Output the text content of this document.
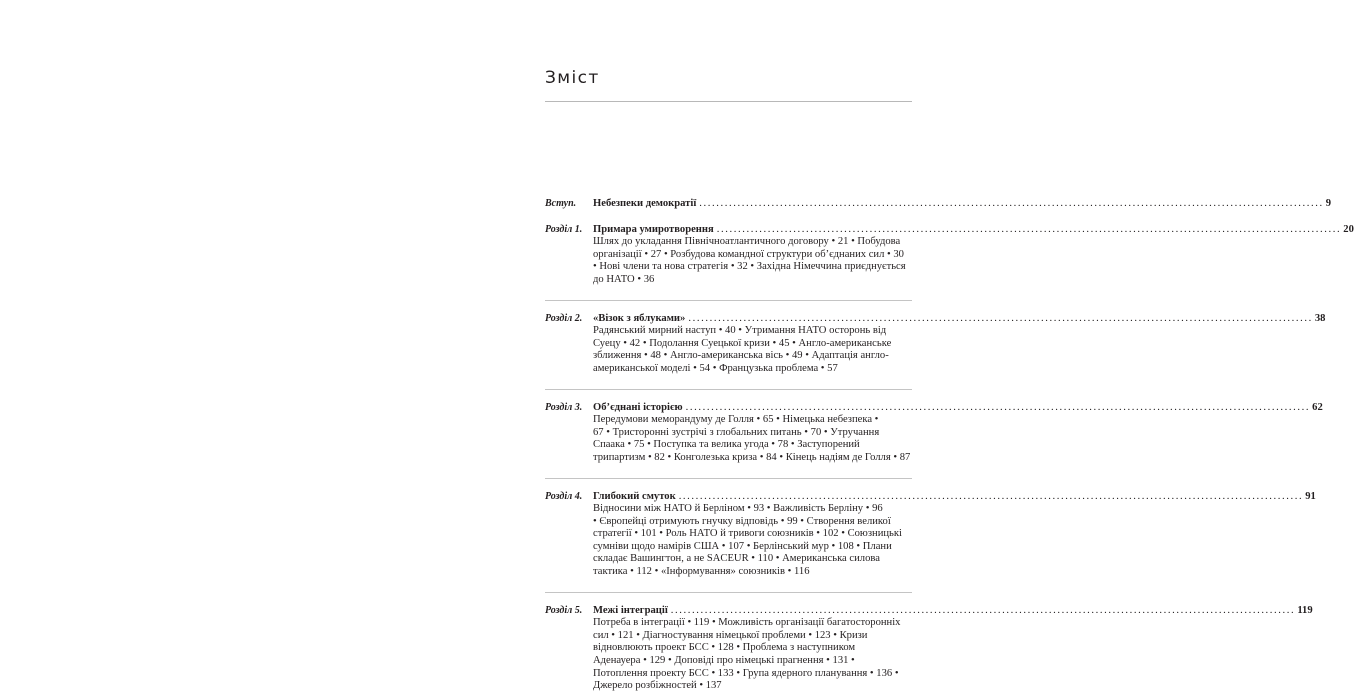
Зміст
Вступ.	Небезпеки демократії ................................................................................................................................................... 9
Розділ 1.	Примара умиротворення ................................................................................................................................................... 20
Шлях до укладання Північноатлантичного договору • 21 • Побудова
організації • 27 • Розбудова командної структури об’єднаних сил • 30
• Нові члени та нова стратегія • 32 • Західна Німеччина приєднується
до НАТО • 36
Розділ 2.	«Візок з яблуками» ................................................................................................................................................... 38
Радянський мирний наступ • 40 • Утримання НАТО осторонь від
Суецу • 42 • Подолання Суецької кризи • 45 • Англо-американське
зближення • 48 • Англо-американська вісь • 49 • Адаптація англо-
американської моделі • 54 • Французька проблема • 57
Розділ 3.	Об’єднані історією ................................................................................................................................................... 62
Передумови меморандуму де Голля • 65 • Німецька небезпека •
67 • Тристоронні зустрічі з глобальних питань • 70 • Утручання
Спаака • 75 • Поступка та велика угода • 78 • Заступорений
трипартизм • 82 • Конголезька криза • 84 • Кінець надіям де Голля • 87
Розділ 4.	Глибокий смуток ................................................................................................................................................... 91
Відносини між НАТО й Берліном • 93 • Важливість Берліну • 96
• Європейці отримують гнучку відповідь • 99 • Створення великої
стратегії • 101 • Роль НАТО й тривоги союзників • 102 • Союзницькі
сумніви щодо намірів США • 107 • Берлінський мур • 108 • Плани
складає Вашингтон, а не SACEUR • 110 • Американська силова
тактика • 112 • «Інформування» союзників • 116
Розділ 5.	Межі інтеграції ................................................................................................................................................... 119
Потреба в інтеграції • 119 • Можливість організації багатосторонніх
сил • 121 • Діагностування німецької проблеми • 123 • Кризи
відновлюють проект БСС • 128 • Проблема з наступником
Аденауера • 129 • Доповіді про німецькі прагнення • 131 •
Потоплення проекту БСС • 133 • Група ядерного планування • 136 •
Джерело розбіжностей • 137
